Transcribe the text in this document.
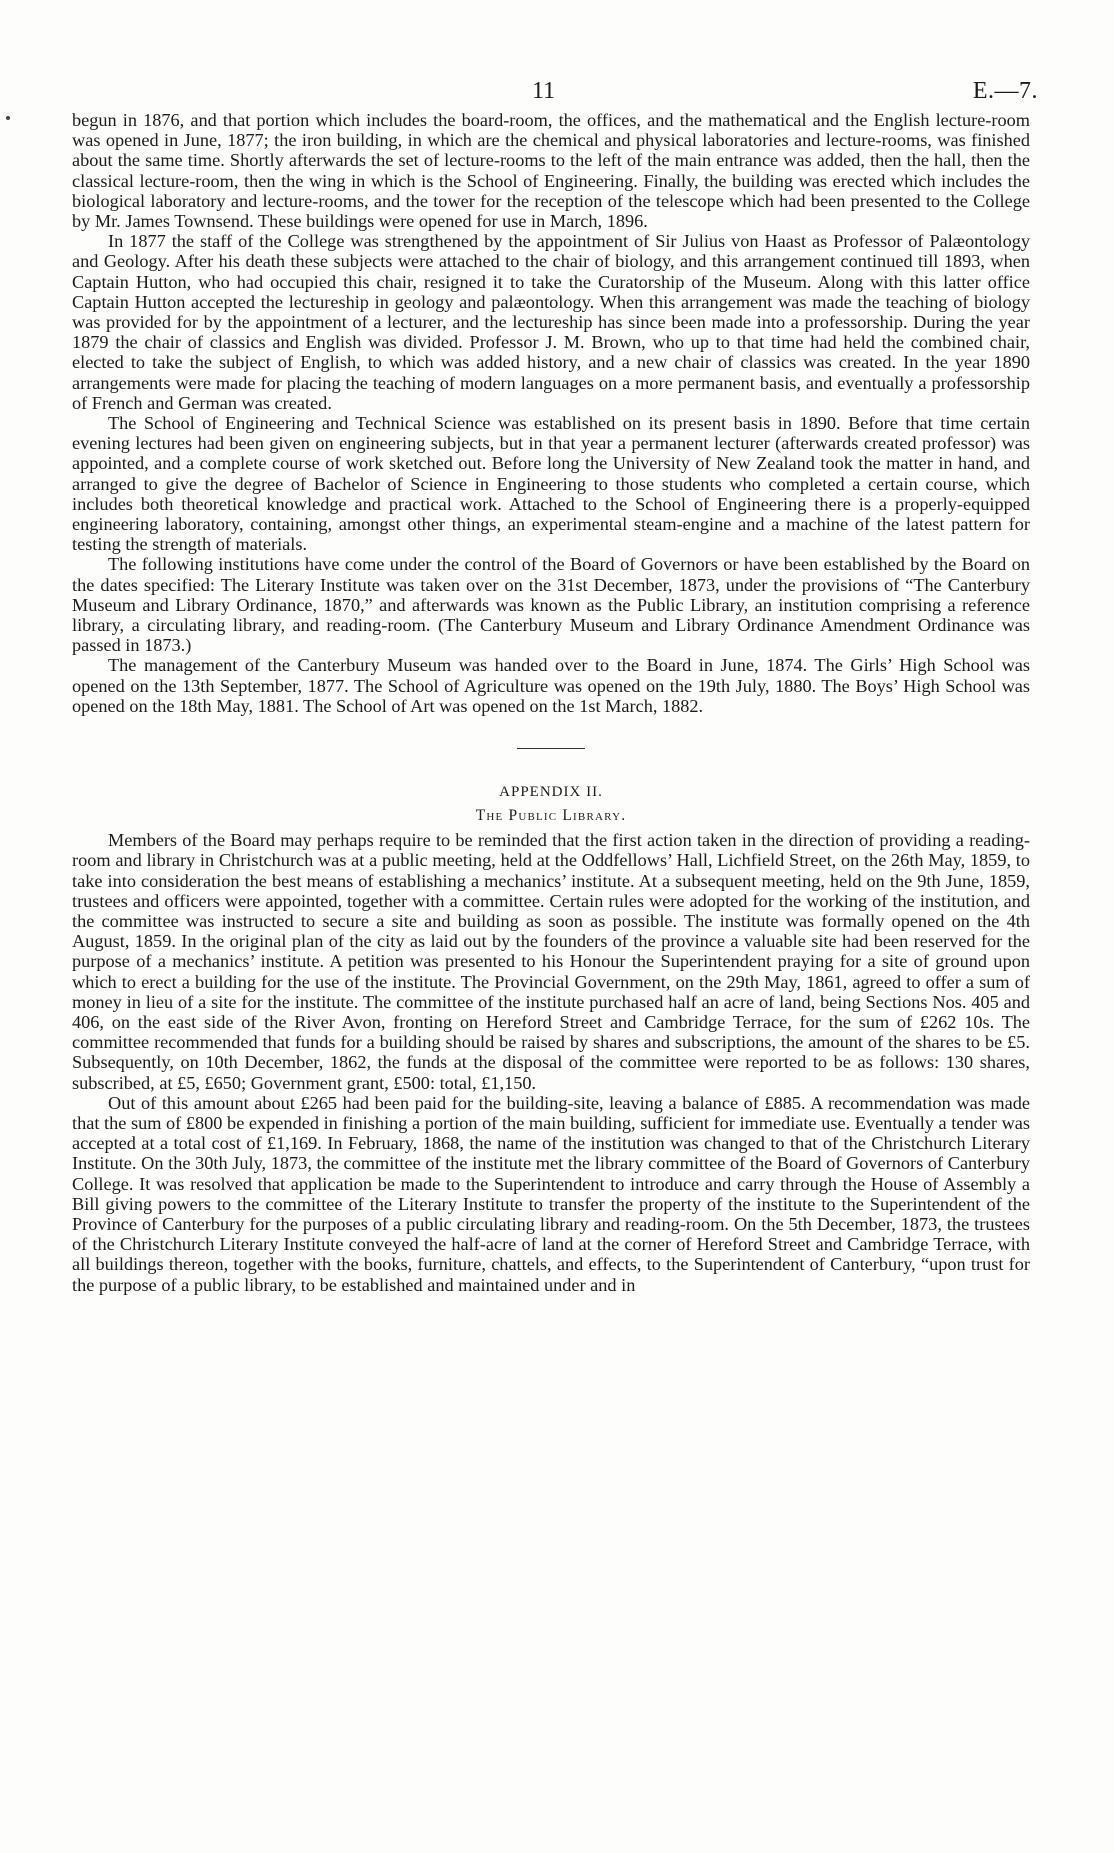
11	E.—7.

begun in 1876, and that portion which includes the board-room, the offices, and the mathematical and the English lecture-room was opened in June, 1877; the iron building, in which are the chemical and physical laboratories and lecture-rooms, was finished about the same time. Shortly afterwards the set of lecture-rooms to the left of the main entrance was added, then the hall, then the classical lecture-room, then the wing in which is the School of Engineering. Finally, the building was erected which includes the biological laboratory and lecture-rooms, and the tower for the reception of the telescope which had been presented to the College by Mr. James Townsend. These buildings were opened for use in March, 1896.

In 1877 the staff of the College was strengthened by the appointment of Sir Julius von Haast as Professor of Palæontology and Geology. After his death these subjects were attached to the chair of biology, and this arrangement continued till 1893, when Captain Hutton, who had occupied this chair, resigned it to take the Curatorship of the Museum. Along with this latter office Captain Hutton accepted the lectureship in geology and palæontology. When this arrangement was made the teaching of biology was provided for by the appointment of a lecturer, and the lectureship has since been made into a professorship. During the year 1879 the chair of classics and English was divided. Professor J. M. Brown, who up to that time had held the combined chair, elected to take the subject of English, to which was added history, and a new chair of classics was created. In the year 1890 arrangements were made for placing the teaching of modern languages on a more permanent basis, and eventually a professorship of French and German was created.

The School of Engineering and Technical Science was established on its present basis in 1890. Before that time certain evening lectures had been given on engineering subjects, but in that year a permanent lecturer (afterwards created professor) was appointed, and a complete course of work sketched out. Before long the University of New Zealand took the matter in hand, and arranged to give the degree of Bachelor of Science in Engineering to those students who completed a certain course, which includes both theoretical knowledge and practical work. Attached to the School of Engineering there is a properly-equipped engineering laboratory, containing, amongst other things, an experimental steam-engine and a machine of the latest pattern for testing the strength of materials.

The following institutions have come under the control of the Board of Governors or have been established by the Board on the dates specified: The Literary Institute was taken over on the 31st December, 1873, under the provisions of “The Canterbury Museum and Library Ordinance, 1870,” and afterwards was known as the Public Library, an institution comprising a reference library, a circulating library, and reading-room. (The Canterbury Museum and Library Ordinance Amendment Ordinance was passed in 1873.)

The management of the Canterbury Museum was handed over to the Board in June, 1874. The Girls’ High School was opened on the 13th September, 1877. The School of Agriculture was opened on the 19th July, 1880. The Boys’ High School was opened on the 18th May, 1881. The School of Art was opened on the 1st March, 1882.

APPENDIX II.
The Public Library.

Members of the Board may perhaps require to be reminded that the first action taken in the direction of providing a reading-room and library in Christchurch was at a public meeting, held at the Oddfellows’ Hall, Lichfield Street, on the 26th May, 1859, to take into consideration the best means of establishing a mechanics’ institute. At a subsequent meeting, held on the 9th June, 1859, trustees and officers were appointed, together with a committee. Certain rules were adopted for the working of the institution, and the committee was instructed to secure a site and building as soon as possible. The institute was formally opened on the 4th August, 1859. In the original plan of the city as laid out by the founders of the province a valuable site had been reserved for the purpose of a mechanics’ institute. A petition was presented to his Honour the Superintendent praying for a site of ground upon which to erect a building for the use of the institute. The Provincial Government, on the 29th May, 1861, agreed to offer a sum of money in lieu of a site for the institute. The committee of the institute purchased half an acre of land, being Sections Nos. 405 and 406, on the east side of the River Avon, fronting on Hereford Street and Cambridge Terrace, for the sum of £262 10s. The committee recommended that funds for a building should be raised by shares and subscriptions, the amount of the shares to be £5. Subsequently, on 10th December, 1862, the funds at the disposal of the committee were reported to be as follows: 130 shares, subscribed, at £5, £650; Government grant, £500: total, £1,150.

Out of this amount about £265 had been paid for the building-site, leaving a balance of £885. A recommendation was made that the sum of £800 be expended in finishing a portion of the main building, sufficient for immediate use. Eventually a tender was accepted at a total cost of £1,169. In February, 1868, the name of the institution was changed to that of the Christchurch Literary Institute. On the 30th July, 1873, the committee of the institute met the library committee of the Board of Governors of Canterbury College. It was resolved that application be made to the Superintendent to introduce and carry through the House of Assembly a Bill giving powers to the committee of the Literary Institute to transfer the property of the institute to the Superintendent of the Province of Canterbury for the purposes of a public circulating library and reading-room. On the 5th December, 1873, the trustees of the Christchurch Literary Institute conveyed the half-acre of land at the corner of Hereford Street and Cambridge Terrace, with all buildings thereon, together with the books, furniture, chattels, and effects, to the Superintendent of Canterbury, “upon trust for the purpose of a public library, to be established and maintained under and in
